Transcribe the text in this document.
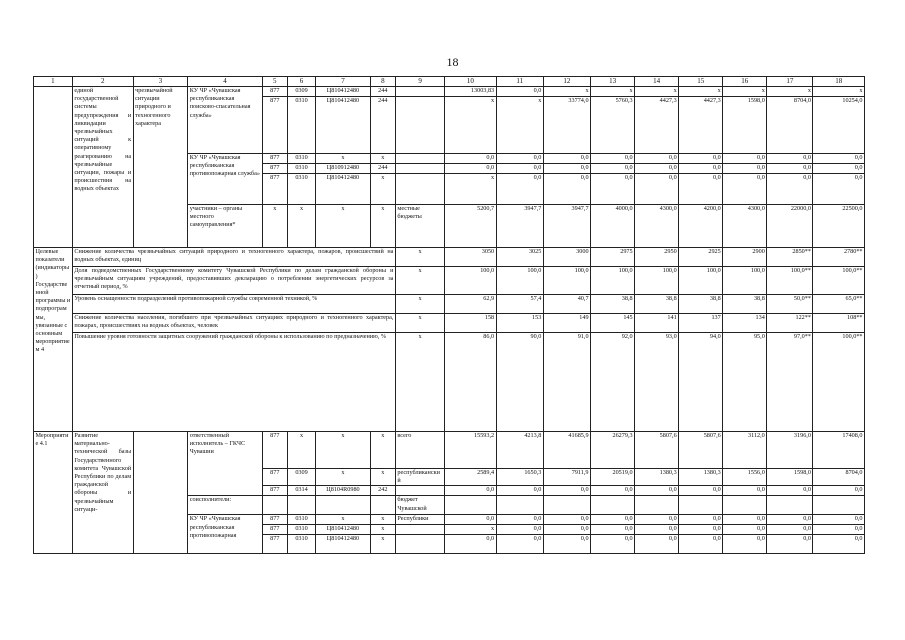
18
1	2	3	4	5	6	7	8	9	10	11	12	13	14	15	16	17	18
	единой государственной системы предупреждения и ликвидации чрезвычайных ситуаций к оперативному реагированию на чрезвычайные ситуации, пожары и происшествия на водных объектах	чрезвычайной ситуации природного и техногенного характера	КУ ЧР «Чувашская республиканская поисково-спасательная служба»	877	0309	Ц810412480	244		13003,83	0,0	x	x	x	x	x	x	x
				877	0310	Ц810412480	244		x	x	33774,0	5760,3	4427,3	4427,3	1598,0	8704,0	10254,0
			КУ ЧР «Чувашская республиканская противопожарная служба»	877	0310	x	x		0,0	0,0	0,0	0,0	0,0	0,0	0,0	0,0	0,0
				877	0310	Ц810912480	244		0,0	0,0	0,0	0,0	0,0	0,0	0,0	0,0	0,0
				877	0310	Ц810412480	x		x	0,0	0,0	0,0	0,0	0,0	0,0	0,0	0,0
			участники – органы местного самоуправления*	x	x	x	x	местные бюджеты	5200,7	3947,7	3947,7	4000,0	4300,0	4200,0	4300,0	22000,0	22500,0
Целевые показатели (индикаторы) Государственной программы и подпрограммы, увязанные с основным мероприятием 4	Снижение количества чрезвычайных ситуаций природного и техногенного характера, пожаров, происшествий на водных объектах, единиц							x	3050	3025	3000	2975	2950	2925	2900	2850**	2780**
	Доля подведомственных Государственному комитету Чувашской Республики по делам гражданской обороны и чрезвычайным ситуациям учреждений, предоставивших декларацию о потреблении энергетических ресурсов за отчетный период, %							x	100,0	100,0	100,0	100,0	100,0	100,0	100,0	100,0**	100,0**
	Уровень оснащенности подразделений противопожарной службы современной техникой, %							x	62,9	57,4	40,7	38,8	38,8	38,8	38,8	50,0**	65,0**
	Снижение количества населения, погибшего при чрезвычайных ситуациях природного и техногенного характера, пожарах, происшествиях на водных объектах, человек							x	158	153	149	145	141	137	134	122**	108**
	Повышение уровня готовности защитных сооружений гражданской обороны к использованию по предназначению, %							x	86,0	90,0	91,0	92,0	93,0	94,0	95,0	97,0**	100,0**
Мероприятие 4.1	Развитие материально-технической базы Государственного комитета Чувашской Республики по делам гражданской обороны и чрезвычайным ситуаци-		ответственный исполнитель – ГКЧС Чувашии	877	x	x	x	всего	15593,2	4213,8	41685,9	26279,3	5807,6	5807,6	3112,0	3196,0	17408,0
				877	0309	x	x	республиканский	2589,4	1650,3	7911,9	20519,0	1380,3	1380,3	1556,0	1598,0	8704,0
				877	0314	Ц8104R0980	242		0,0	0,0	0,0	0,0	0,0	0,0	0,0	0,0	0,0
			соисполнители:					бюджет Чувашской									
			КУ ЧР «Чувашская республиканская противопожарная	877	0310	x	x	Республики	0,0	0,0	0,0	0,0	0,0	0,0	0,0	0,0	0,0
				877	0310	Ц810412480	x		x	0,0	0,0	0,0	0,0	0,0	0,0	0,0	0,0
				877	0310	Ц810412480	x		0,0	0,0	0,0	0,0	0,0	0,0	0,0	0,0	0,0
